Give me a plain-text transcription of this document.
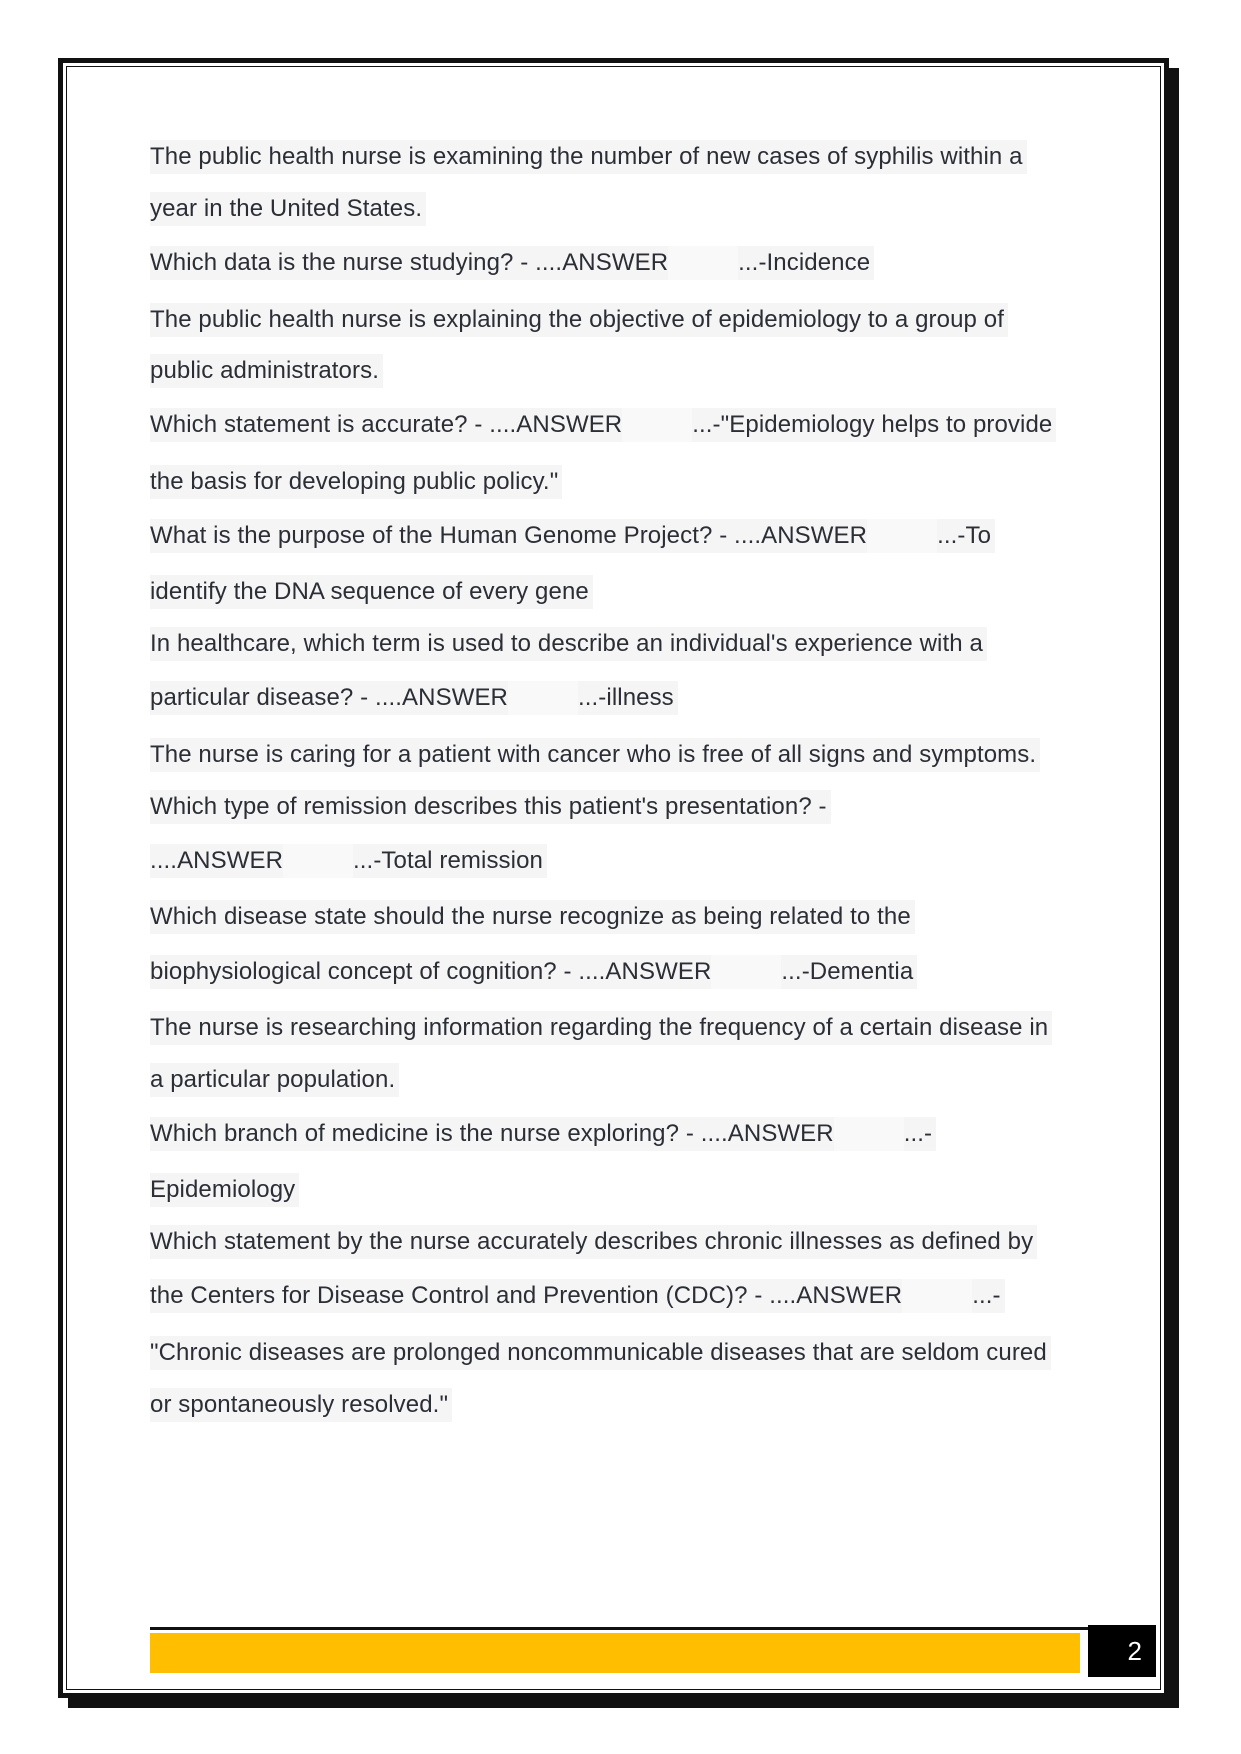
The public health nurse is examining the number of new cases of syphilis within a
year in the United States.
Which data is the nurse studying? - ....ANSWER	...-Incidence
The public health nurse is explaining the objective of epidemiology to a group of
public administrators.
Which statement is accurate? - ....ANSWER	...-"Epidemiology helps to provide
the basis for developing public policy."
What is the purpose of the Human Genome Project? - ....ANSWER	...-To
identify the DNA sequence of every gene
In healthcare, which term is used to describe an individual's experience with a
particular disease? - ....ANSWER	...-illness
The nurse is caring for a patient with cancer who is free of all signs and symptoms.
Which type of remission describes this patient's presentation? -
....ANSWER	...-Total remission
Which disease state should the nurse recognize as being related to the
biophysiological concept of cognition? - ....ANSWER	...-Dementia
The nurse is researching information regarding the frequency of a certain disease in
a particular population.
Which branch of medicine is the nurse exploring? - ....ANSWER	...-
Epidemiology
Which statement by the nurse accurately describes chronic illnesses as defined by
the Centers for Disease Control and Prevention (CDC)? - ....ANSWER	...-
"Chronic diseases are prolonged noncommunicable diseases that are seldom cured
or spontaneously resolved."
2
